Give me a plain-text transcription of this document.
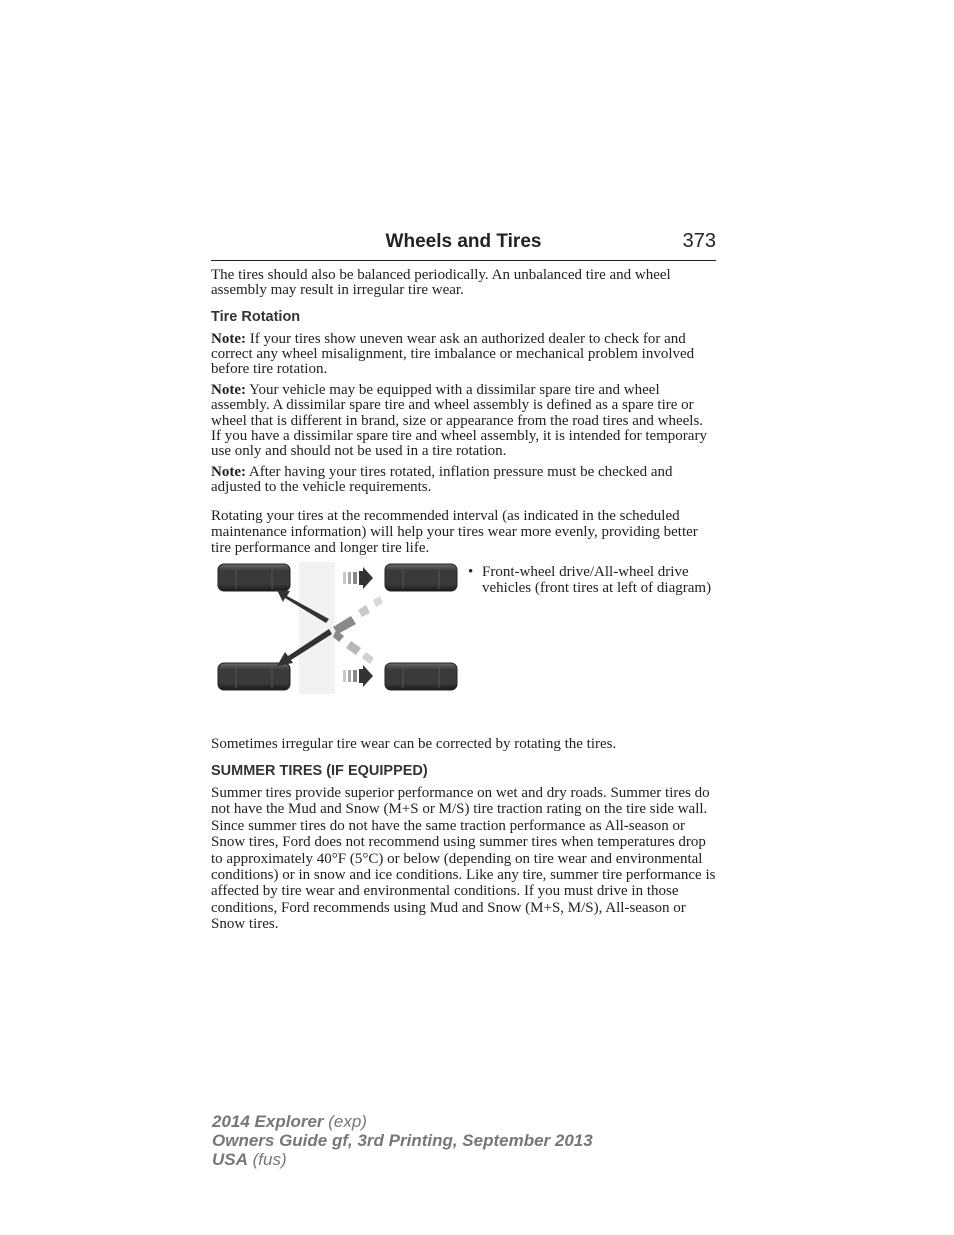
Wheels and Tires	373

The tires should also be balanced periodically. An unbalanced tire and wheel assembly may result in irregular tire wear.

Tire Rotation

Note: If your tires show uneven wear ask an authorized dealer to check for and correct any wheel misalignment, tire imbalance or mechanical problem involved before tire rotation.

Note: Your vehicle may be equipped with a dissimilar spare tire and wheel assembly. A dissimilar spare tire and wheel assembly is defined as a spare tire or wheel that is different in brand, size or appearance from the road tires and wheels. If you have a dissimilar spare tire and wheel assembly, it is intended for temporary use only and should not be used in a tire rotation.

Note: After having your tires rotated, inflation pressure must be checked and adjusted to the vehicle requirements.

Rotating your tires at the recommended interval (as indicated in the scheduled maintenance information) will help your tires wear more evenly, providing better tire performance and longer tire life.

• Front-wheel drive/All-wheel drive vehicles (front tires at left of diagram)

Sometimes irregular tire wear can be corrected by rotating the tires.

SUMMER TIRES (IF EQUIPPED)

Summer tires provide superior performance on wet and dry roads. Summer tires do not have the Mud and Snow (M+S or M/S) tire traction rating on the tire side wall. Since summer tires do not have the same traction performance as All-season or Snow tires, Ford does not recommend using summer tires when temperatures drop to approximately 40°F (5°C) or below (depending on tire wear and environmental conditions) or in snow and ice conditions. Like any tire, summer tire performance is affected by tire wear and environmental conditions. If you must drive in those conditions, Ford recommends using Mud and Snow (M+S, M/S), All-season or Snow tires.

2014 Explorer (exp)
Owners Guide gf, 3rd Printing, September 2013
USA (fus)
